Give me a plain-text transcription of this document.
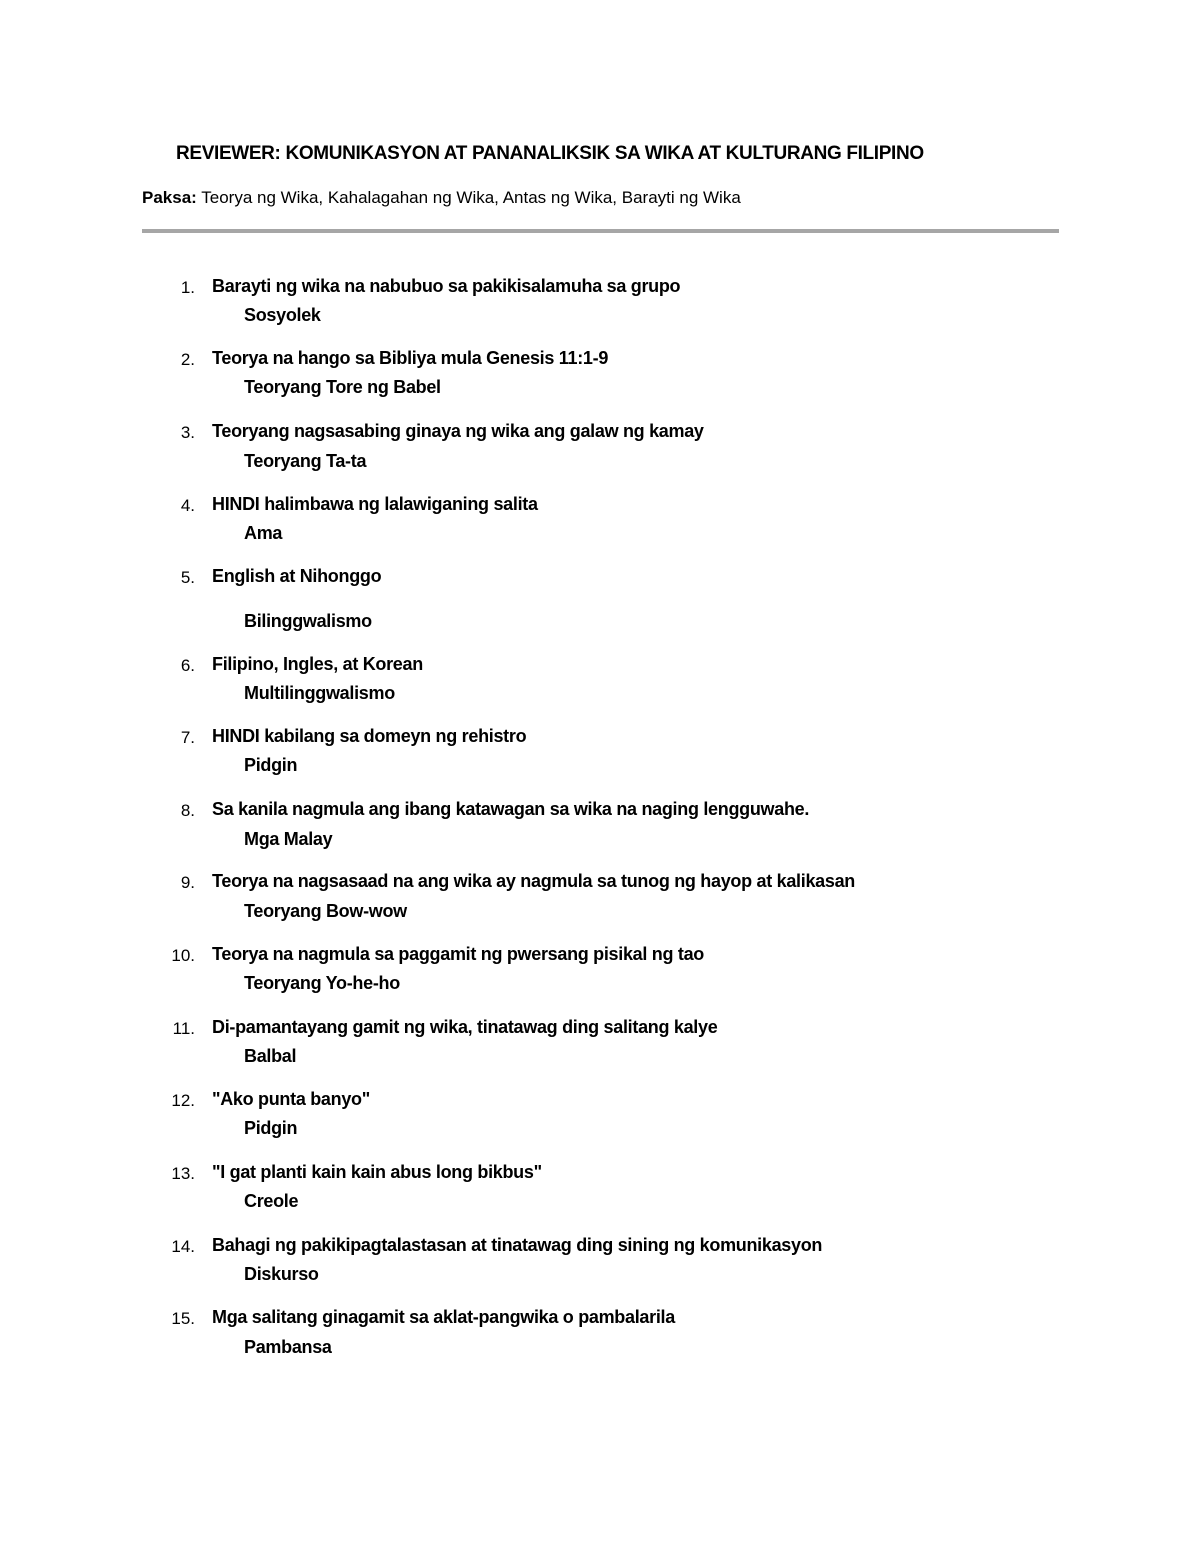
REVIEWER: KOMUNIKASYON AT PANANALIKSIK SA WIKA AT KULTURANG FILIPINO
Paksa: Teorya ng Wika, Kahalagahan ng Wika, Antas ng Wika, Barayti ng Wika
1. Barayti ng wika na nabubuo sa pakikisalamuha sa grupo
Sosyolek
2. Teorya na hango sa Bibliya mula Genesis 11:1-9
Teoryang Tore ng Babel
3. Teoryang nagsasabing ginaya ng wika ang galaw ng kamay
Teoryang Ta-ta
4. HINDI halimbawa ng lalawiganing salita
Ama
5. English at Nihonggo
Bilinggwalismo
6. Filipino, Ingles, at Korean
Multilinggwalismo
7. HINDI kabilang sa domeyn ng rehistro
Pidgin
8. Sa kanila nagmula ang ibang katawagan sa wika na naging lengguwahe.
Mga Malay
9. Teorya na nagsasaad na ang wika ay nagmula sa tunog ng hayop at kalikasan
Teoryang Bow-wow
10. Teorya na nagmula sa paggamit ng pwersang pisikal ng tao
Teoryang Yo-he-ho
11. Di-pamantayang gamit ng wika, tinatawag ding salitang kalye
Balbal
12. "Ako punta banyo"
Pidgin
13. "I gat planti kain kain abus long bikbus"
Creole
14. Bahagi ng pakikipagtalastasan at tinatawag ding sining ng komunikasyon
Diskurso
15. Mga salitang ginagamit sa aklat-pangwika o pambalarila
Pambansa
